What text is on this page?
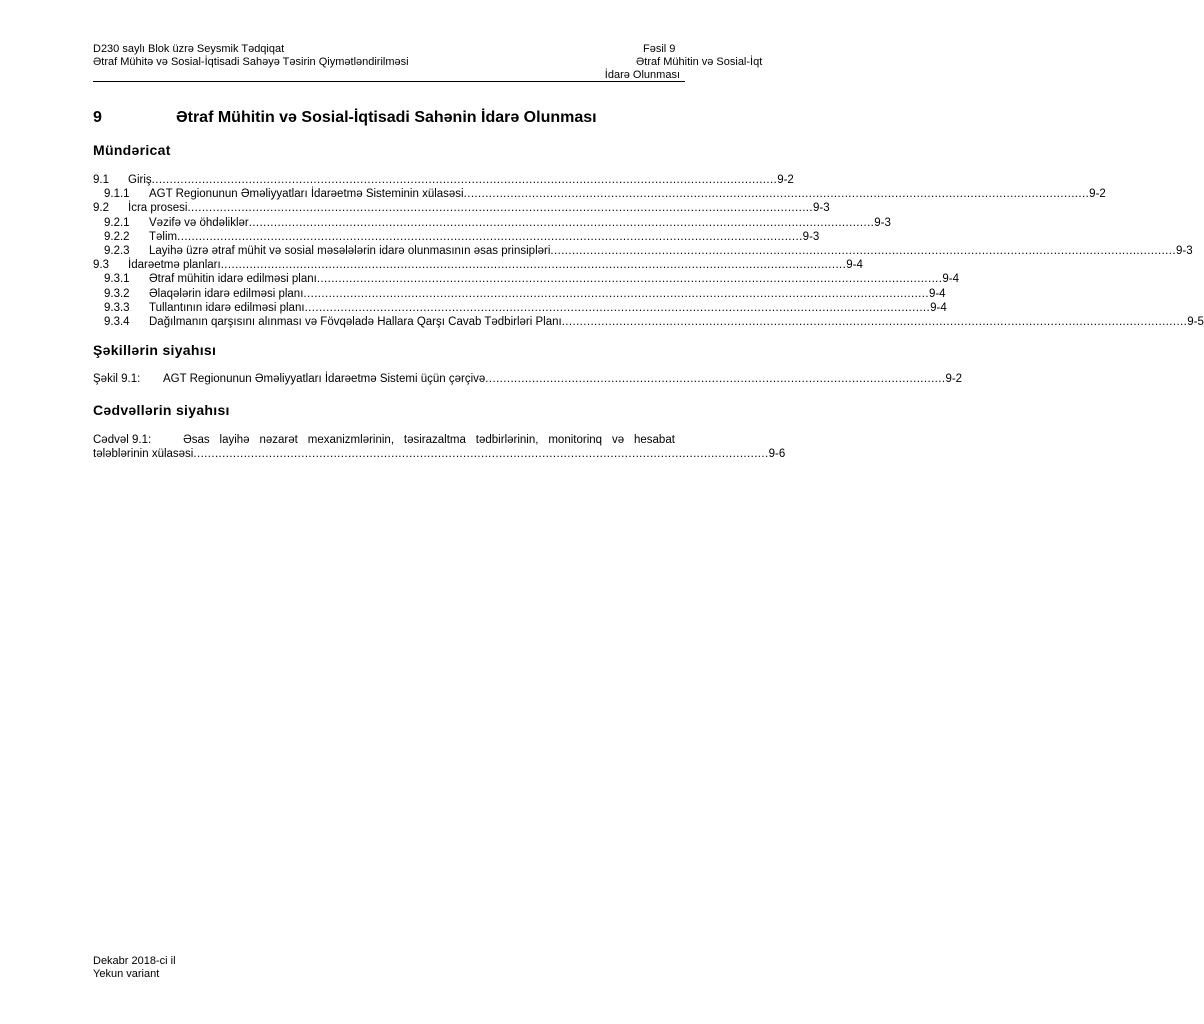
D230 saylı Blok üzrə Seysmik Tədqiqat
Ətraf Mühitə və Sosial-İqtisadi Sahəyə Təsirin Qiymətləndirilməsi
Fəsil 9
Ətraf Mühitin və Sosial-İqt
İdarə Olunması
9	Ətraf Mühitin və Sosial-İqtisadi Sahənin İdarə Olunması
Mündəricat
9.1	Giriş .............................................................................................................................................................................. 9-2
9.1.1	AGT Regionunun Əməliyyatları İdarəetmə Sisteminin xülasəsi .............................................................................................................................................................................. 9-2
9.2	İcra prosesi .............................................................................................................................................................................. 9-3
9.2.1	Vəzifə və öhdəliklər .............................................................................................................................................................................. 9-3
9.2.2	Təlim .............................................................................................................................................................................. 9-3
9.2.3	Layihə üzrə ətraf mühit və sosial məsələlərin idarə olunmasının əsas prinsipləri .............................................................................................................................................................................. 9-3
9.3	İdarəetmə planları .............................................................................................................................................................................. 9-4
9.3.1	Ətraf mühitin idarə edilməsi planı .............................................................................................................................................................................. 9-4
9.3.2	Əlaqələrin idarə edilməsi planı .............................................................................................................................................................................. 9-4
9.3.3	Tullantının idarə edilməsi planı .............................................................................................................................................................................. 9-4
9.3.4	Dağılmanın qarşısını alınması və Fövqəladə Hallara Qarşı Cavab Tədbirləri Planı .............................................................................................................................................................................. 9-5
Şəkillərin siyahısı
Şəkil 9.1:	AGT Regionunun Əməliyyatları İdarəetmə Sistemi üçün çərçivə ................................................................................................................................ 9-2
Cədvəllərin siyahısı
Cədvəl 9.1:	Əsas layihə nəzarət mexanizmlərinin, təsirazaltma tədbirlərinin, monitorinq və hesabat
tələblərinin xülasəsi ................................................................................................................................................................ 9-6
Dekabr 2018-ci il
Yekun variant
